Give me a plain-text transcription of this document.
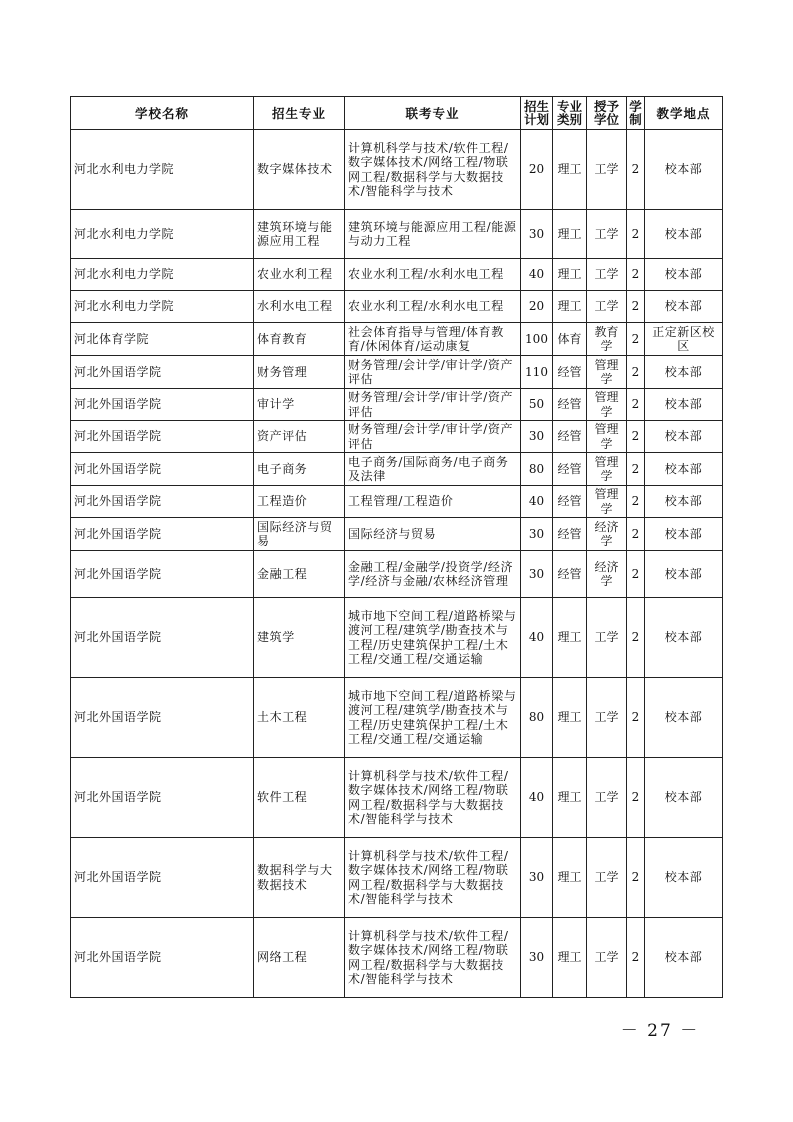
学校名称	招生专业	联考专业	招生计划	专业类别	授予学位	学制	教学地点
河北水利电力学院	数字媒体技术	计算机科学与技术/软件工程/数字媒体技术/网络工程/物联网工程/数据科学与大数据技术/智能科学与技术	20	理工	工学	2	校本部
河北水利电力学院	建筑环境与能源应用工程	建筑环境与能源应用工程/能源与动力工程	30	理工	工学	2	校本部
河北水利电力学院	农业水利工程	农业水利工程/水利水电工程	40	理工	工学	2	校本部
河北水利电力学院	水利水电工程	农业水利工程/水利水电工程	20	理工	工学	2	校本部
河北体育学院	体育教育	社会体育指导与管理/体育教育/休闲体育/运动康复	100	体育	教育学	2	正定新区校区
河北外国语学院	财务管理	财务管理/会计学/审计学/资产评估	110	经管	管理学	2	校本部
河北外国语学院	审计学	财务管理/会计学/审计学/资产评估	50	经管	管理学	2	校本部
河北外国语学院	资产评估	财务管理/会计学/审计学/资产评估	30	经管	管理学	2	校本部
河北外国语学院	电子商务	电子商务/国际商务/电子商务及法律	80	经管	管理学	2	校本部
河北外国语学院	工程造价	工程管理/工程造价	40	经管	管理学	2	校本部
河北外国语学院	国际经济与贸易	国际经济与贸易	30	经管	经济学	2	校本部
河北外国语学院	金融工程	金融工程/金融学/投资学/经济学/经济与金融/农林经济管理	30	经管	经济学	2	校本部
河北外国语学院	建筑学	城市地下空间工程/道路桥梁与渡河工程/建筑学/勘查技术与工程/历史建筑保护工程/土木工程/交通工程/交通运输	40	理工	工学	2	校本部
河北外国语学院	土木工程	城市地下空间工程/道路桥梁与渡河工程/建筑学/勘查技术与工程/历史建筑保护工程/土木工程/交通工程/交通运输	80	理工	工学	2	校本部
河北外国语学院	软件工程	计算机科学与技术/软件工程/数字媒体技术/网络工程/物联网工程/数据科学与大数据技术/智能科学与技术	40	理工	工学	2	校本部
河北外国语学院	数据科学与大数据技术	计算机科学与技术/软件工程/数字媒体技术/网络工程/物联网工程/数据科学与大数据技术/智能科学与技术	30	理工	工学	2	校本部
河北外国语学院	网络工程	计算机科学与技术/软件工程/数字媒体技术/网络工程/物联网工程/数据科学与大数据技术/智能科学与技术	30	理工	工学	2	校本部
－ 27 －
